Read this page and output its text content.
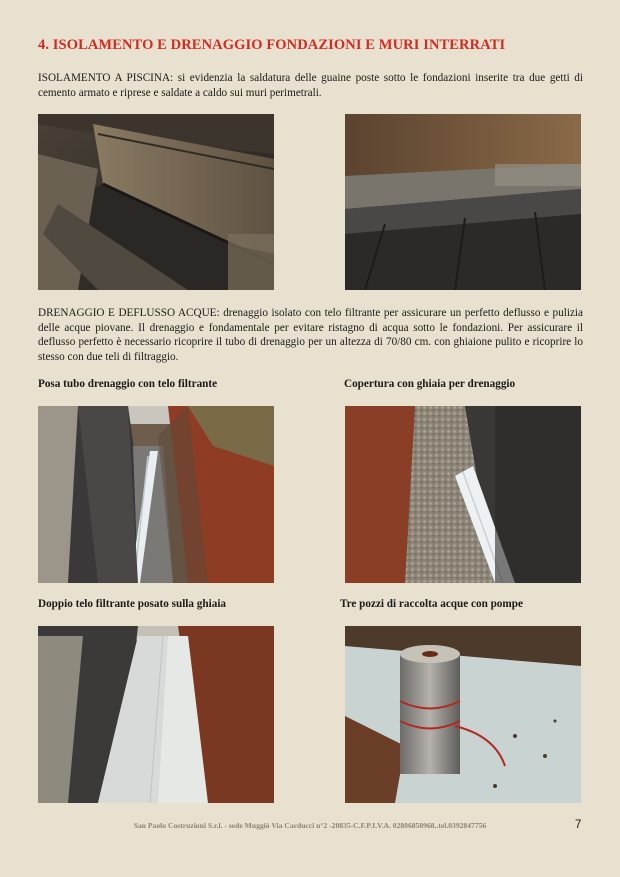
4. ISOLAMENTO E DRENAGGIO FONDAZIONI E MURI INTERRATI

ISOLAMENTO A PISCINA: si evidenzia la saldatura delle guaine poste sotto le fondazioni inserite tra due getti di cemento armato e riprese e saldate a caldo sui muri perimetrali.

DRENAGGIO E DEFLUSSO ACQUE: drenaggio isolato con telo filtrante per assicurare un perfetto deflusso e pulizia delle acque piovane. Il drenaggio e fondamentale per evitare ristagno di acqua sotto le fondazioni. Per assicurare il deflusso perfetto è necessario ricoprire il tubo di drenaggio per un altezza di 70/80 cm. con ghiaione pulito e ricoprire lo stesso con due teli di filtraggio.

Posa tubo drenaggio con telo filtrante	Copertura con ghiaia per drenaggio

Doppio telo filtrante posato sulla ghiaia	Tre pozzi di raccolta acque con pompe

San Paolo Costruzioni S.r.l. - sede Muggiò Via Carducci n°2 -20835-C.F.P.I.V.A. 02806850968..tel.0392847756	7
